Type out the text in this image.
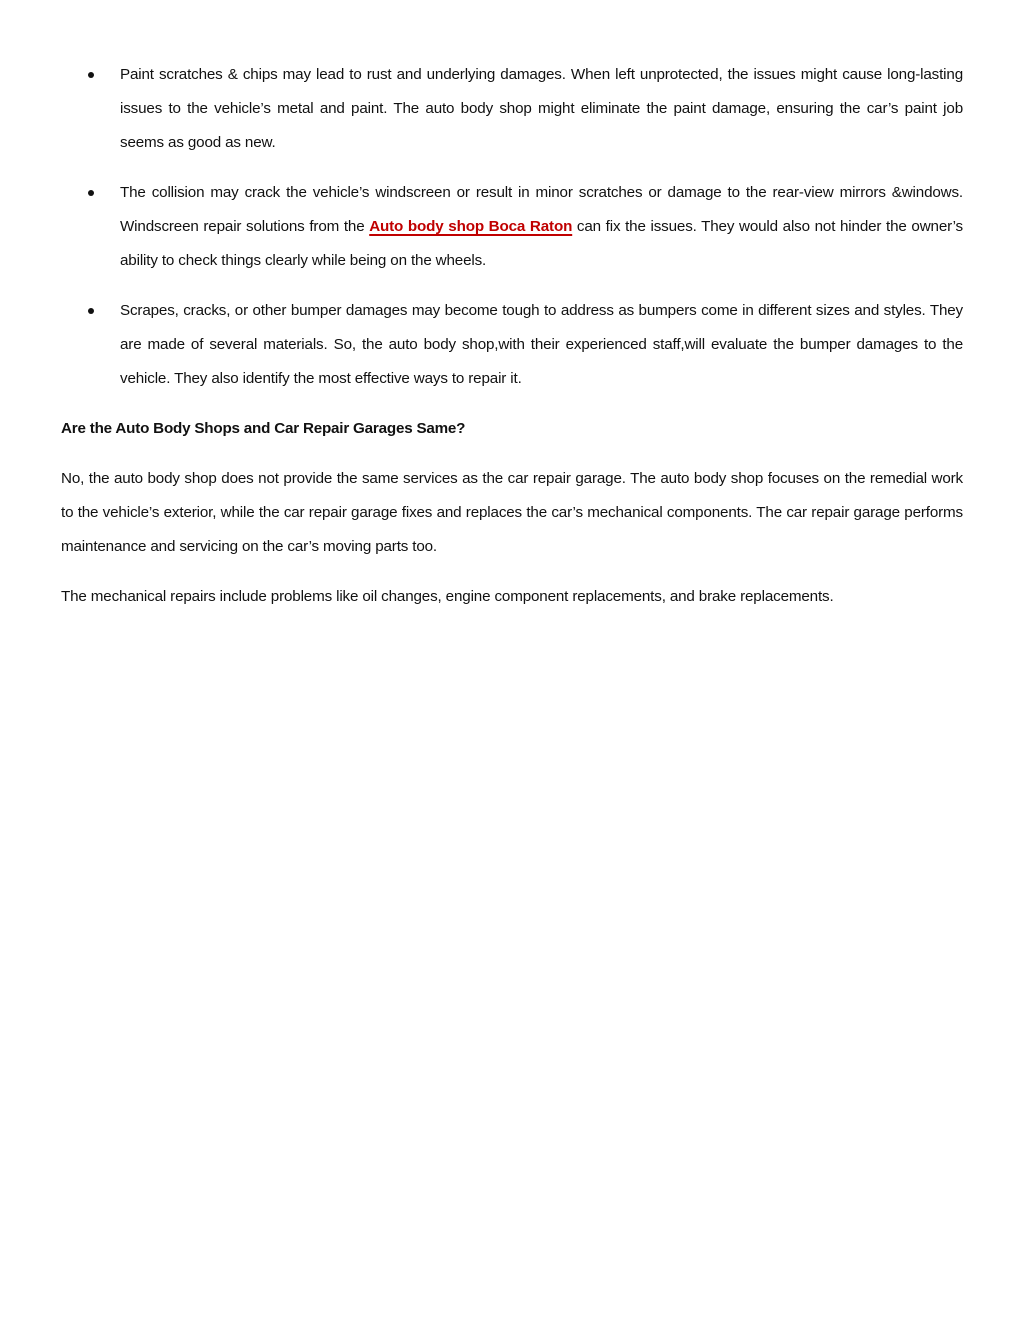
Paint scratches & chips may lead to rust and underlying damages. When left unprotected, the issues might cause long-lasting issues to the vehicle’s metal and paint. The auto body shop might eliminate the paint damage, ensuring the car’s paint job seems as good as new.
The collision may crack the vehicle’s windscreen or result in minor scratches or damage to the rear-view mirrors &windows. Windscreen repair solutions from the Auto body shop Boca Raton can fix the issues. They would also not hinder the owner’s ability to check things clearly while being on the wheels.
Scrapes, cracks, or other bumper damages may become tough to address as bumpers come in different sizes and styles. They are made of several materials. So, the auto body shop,with their experienced staff,will evaluate the bumper damages to the vehicle. They also identify the most effective ways to repair it.
Are the Auto Body Shops and Car Repair Garages Same?

No, the auto body shop does not provide the same services as the car repair garage. The auto body shop focuses on the remedial work to the vehicle’s exterior, while the car repair garage fixes and replaces the car’s mechanical components. The car repair garage performs maintenance and servicing on the car’s moving parts too.

The mechanical repairs include problems like oil changes, engine component replacements, and brake replacements.
